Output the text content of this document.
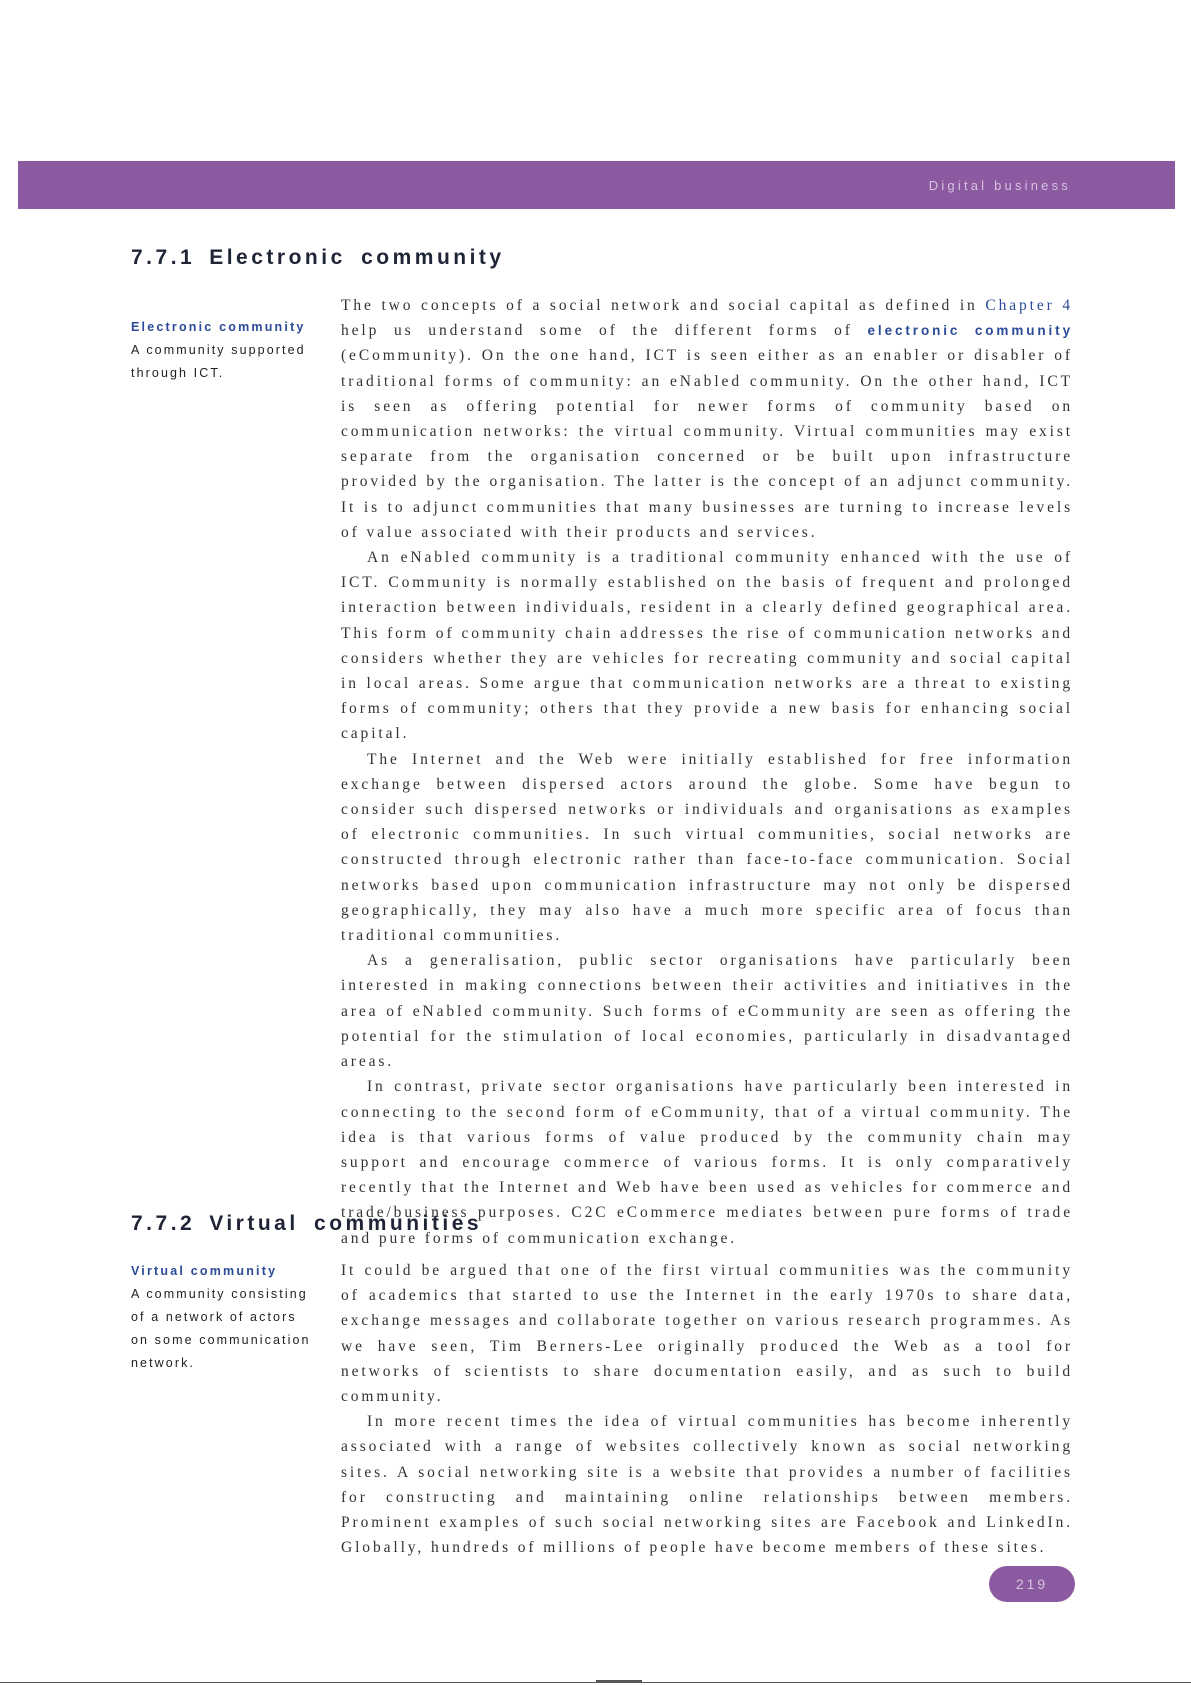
Digital business
7.7.1 Electronic community
Electronic community
A community supported through ICT.

The two concepts of a social network and social capital as defined in Chapter 4 help us understand some of the different forms of electronic community (eCommunity). On the one hand, ICT is seen either as an enabler or disabler of traditional forms of community: an eNabled community. On the other hand, ICT is seen as offering potential for newer forms of community based on communication networks: the virtual community. Virtual communities may exist separate from the organisation concerned or be built upon infrastructure provided by the organisation. The latter is the concept of an adjunct community. It is to adjunct communities that many businesses are turning to increase levels of value associated with their products and services.

An eNabled community is a traditional community enhanced with the use of ICT. Community is normally established on the basis of frequent and prolonged interaction between individuals, resident in a clearly defined geographical area. This form of community chain addresses the rise of communication networks and considers whether they are vehicles for recreating community and social capital in local areas. Some argue that communication networks are a threat to existing forms of community; others that they provide a new basis for enhancing social capital.

The Internet and the Web were initially established for free information exchange between dispersed actors around the globe. Some have begun to consider such dispersed networks or individuals and organisations as examples of electronic communities. In such virtual communities, social networks are constructed through electronic rather than face-to-face communication. Social networks based upon communication infrastructure may not only be dispersed geographically, they may also have a much more specific area of focus than traditional communities.

As a generalisation, public sector organisations have particularly been interested in making connections between their activities and initiatives in the area of eNabled community. Such forms of eCommunity are seen as offering the potential for the stimulation of local economies, particularly in disadvantaged areas.

In contrast, private sector organisations have particularly been interested in connecting to the second form of eCommunity, that of a virtual community. The idea is that various forms of value produced by the community chain may support and encourage commerce of various forms. It is only comparatively recently that the Internet and Web have been used as vehicles for commerce and trade/business purposes. C2C eCommerce mediates between pure forms of trade and pure forms of communication exchange.

7.7.2 Virtual communities
Virtual community
A community consisting of a network of actors on some communication network.

It could be argued that one of the first virtual communities was the community of academics that started to use the Internet in the early 1970s to share data, exchange messages and collaborate together on various research programmes. As we have seen, Tim Berners-Lee originally produced the Web as a tool for networks of scientists to share documentation easily, and as such to build community.

In more recent times the idea of virtual communities has become inherently associated with a range of websites collectively known as social networking sites. A social networking site is a website that provides a number of facilities for constructing and maintaining online relationships between members. Prominent examples of such social networking sites are Facebook and LinkedIn. Globally, hundreds of millions of people have become members of these sites.

219
